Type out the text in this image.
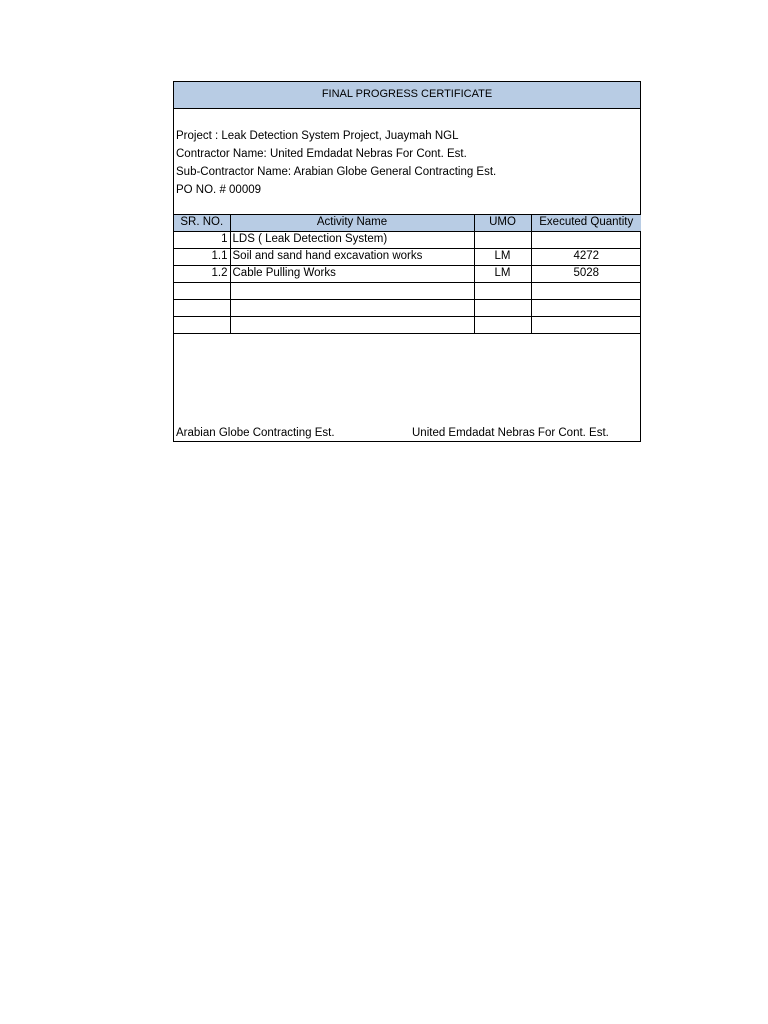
FINAL PROGRESS CERTIFICATE
Project : Leak Detection System Project, Juaymah NGL
Contractor Name: United Emdadat Nebras For Cont. Est.
Sub-Contractor Name: Arabian Globe General Contracting Est.
PO NO. # 00009
SR. NO.	Activity Name	UMO	Executed Quantity
1	LDS ( Leak Detection System)		
1.1	Soil and sand hand excavation works	LM	4272
1.2	Cable Pulling Works	LM	5028

Arabian Globe Contracting Est.	United Emdadat Nebras For Cont. Est.
